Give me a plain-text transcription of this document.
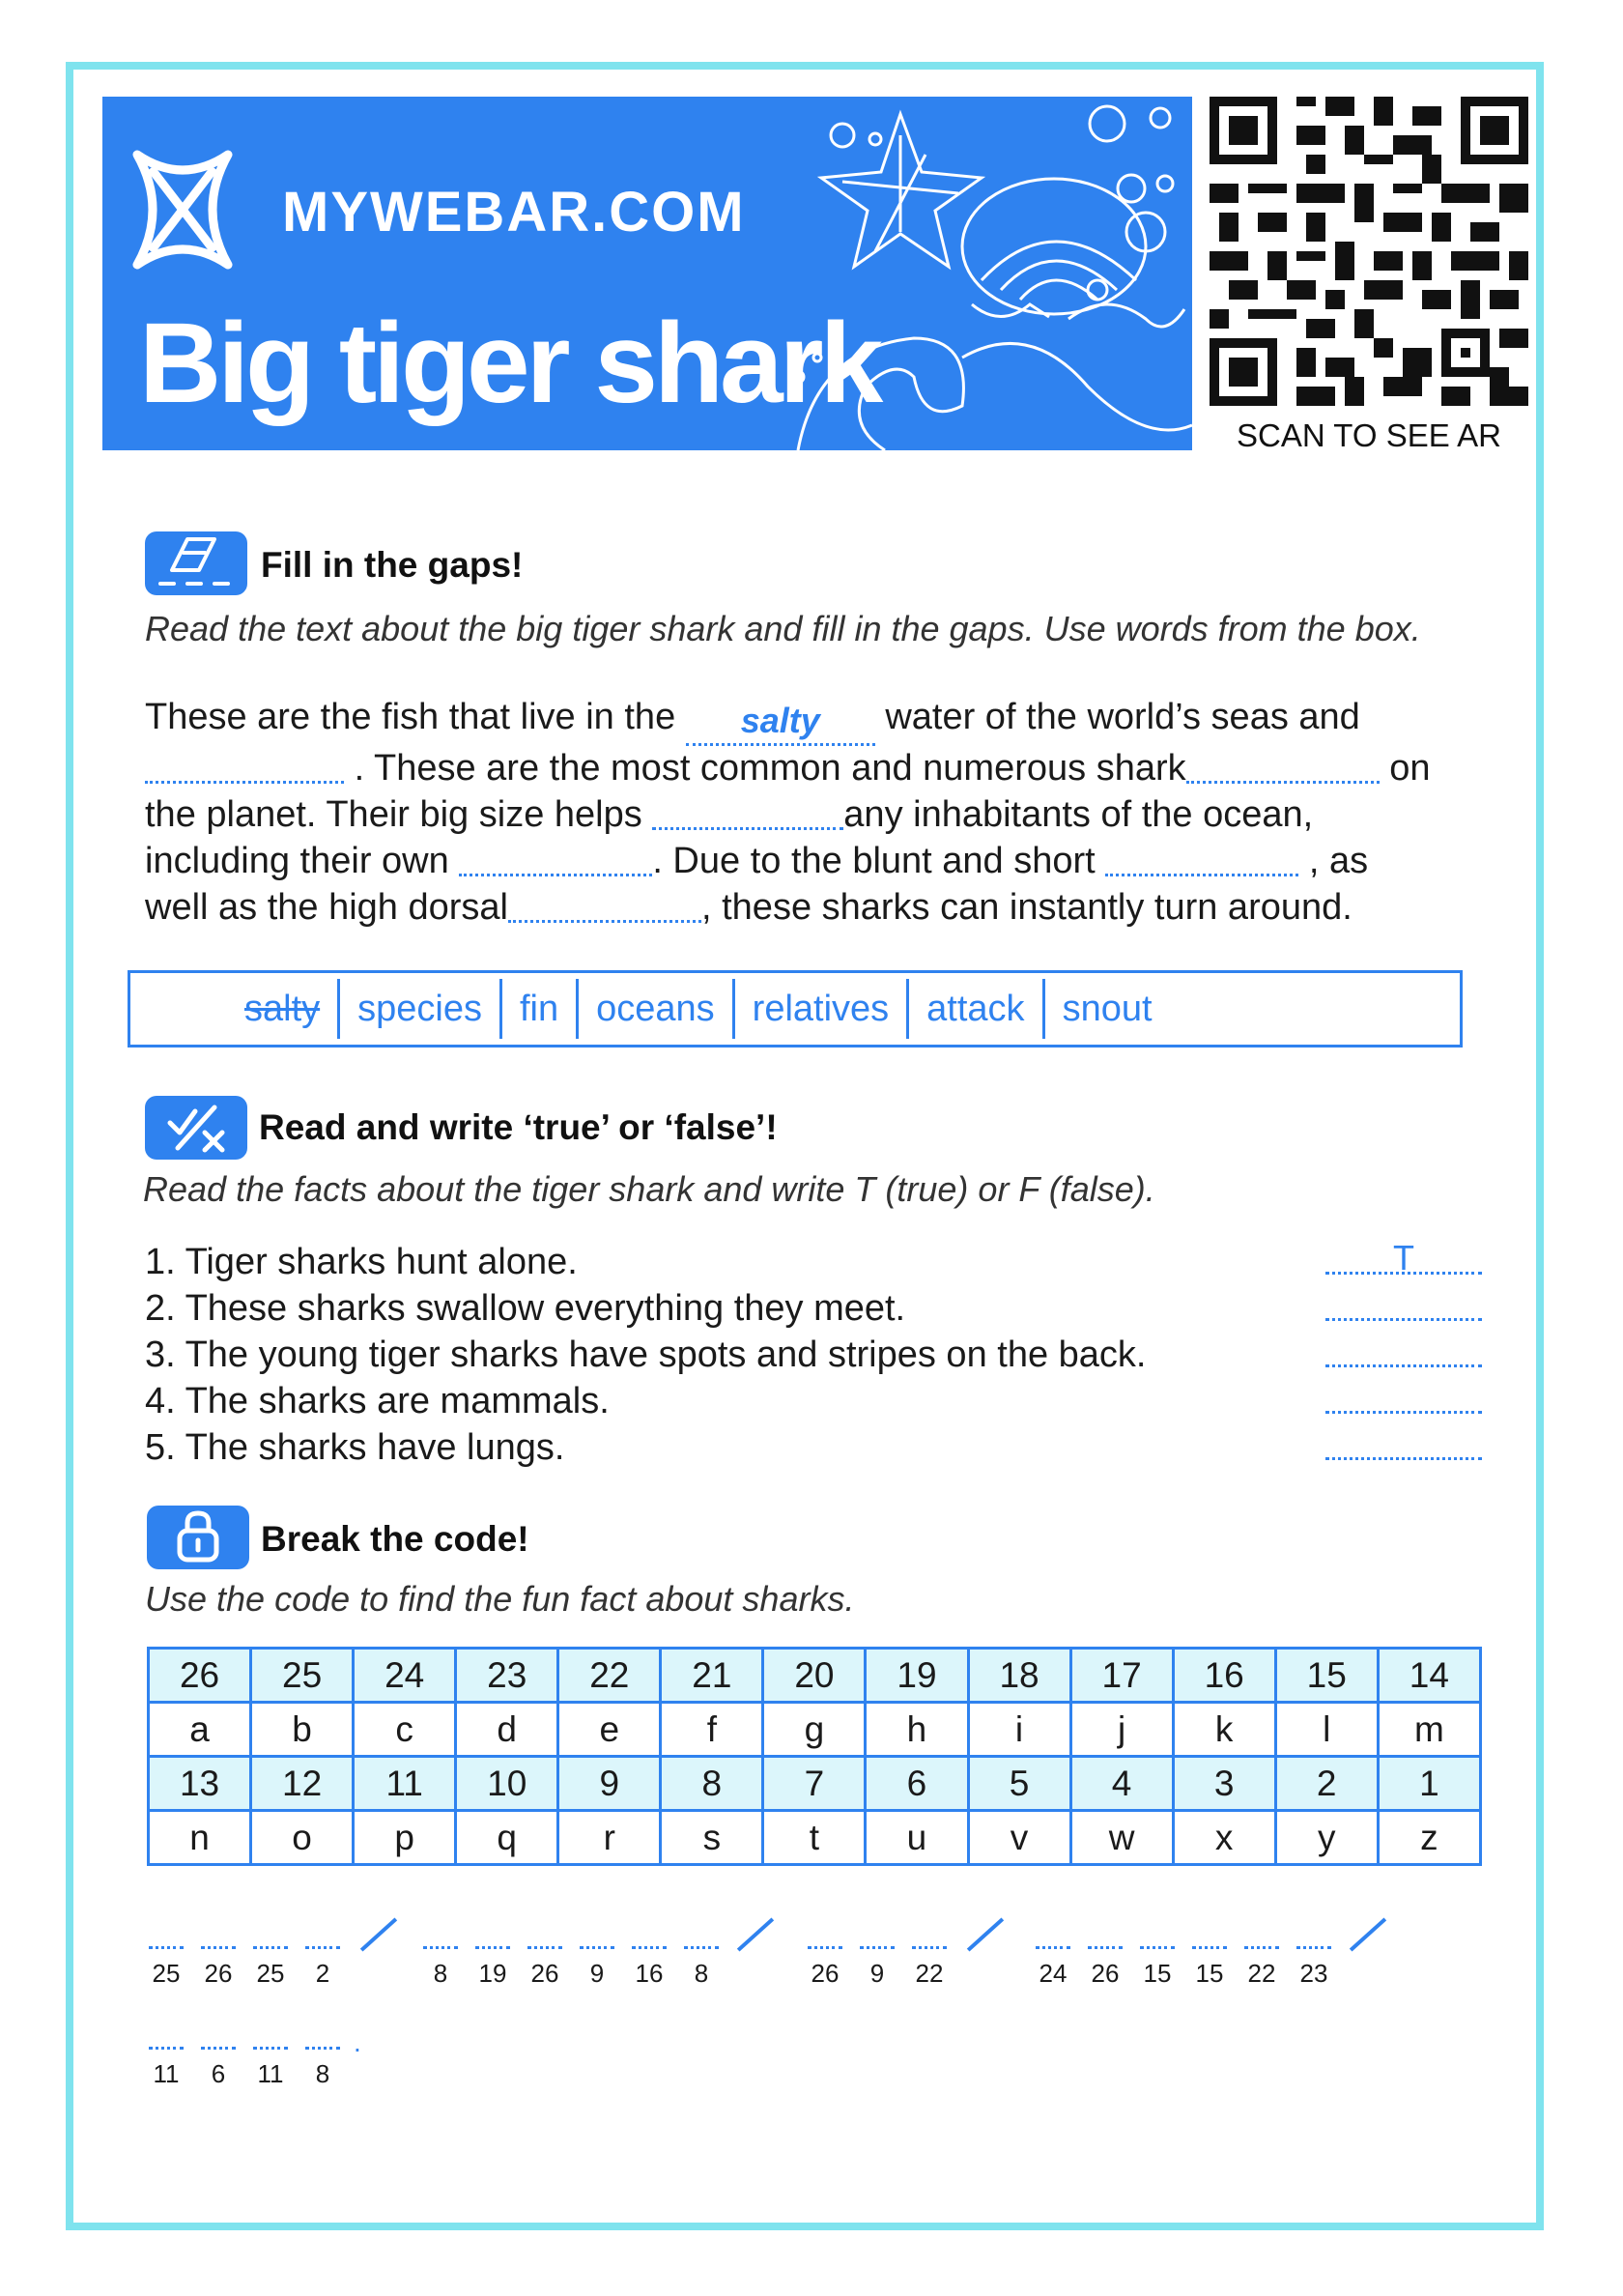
MYWEBAR.COM
Big tiger shark
SCAN TO SEE AR
Fill in the gaps!
Read the text about the big tiger shark and fill in the gaps. Use words from the box.
These are the fish that live in the salty water of the world’s seas and
. These are the most common and numerous shark	on
the planet. Their big size helps	any inhabitants of the ocean,
including their own	. Due to the blunt and short	, as
well as the high dorsal	, these sharks can instantly turn around.
salty	species	fin	oceans	relatives	attack	snout
Read and write ‘true’ or ‘false’!
Read the facts about the tiger shark and write T (true) or F (false).
1. Tiger sharks hunt alone.
2. These sharks swallow everything they meet.
3. The young tiger sharks have spots and stripes on the back.
4. The sharks are mammals.
5. The sharks have lungs.
T
Break the code!
Use the code to find the fun fact about sharks.
26	25	24	23	22	21	20	19	18	17	16	15	14
a	b	c	d	e	f	g	h	i	j	k	l	m
13	12	11	10	9	8	7	6	5	4	3	2	1
n	o	p	q	r	s	t	u	v	w	x	y	z
25 26 25	2	8	19 26	9	16	8	26	9	22	24 26 15 15 22 23
11	6	11	8
.
